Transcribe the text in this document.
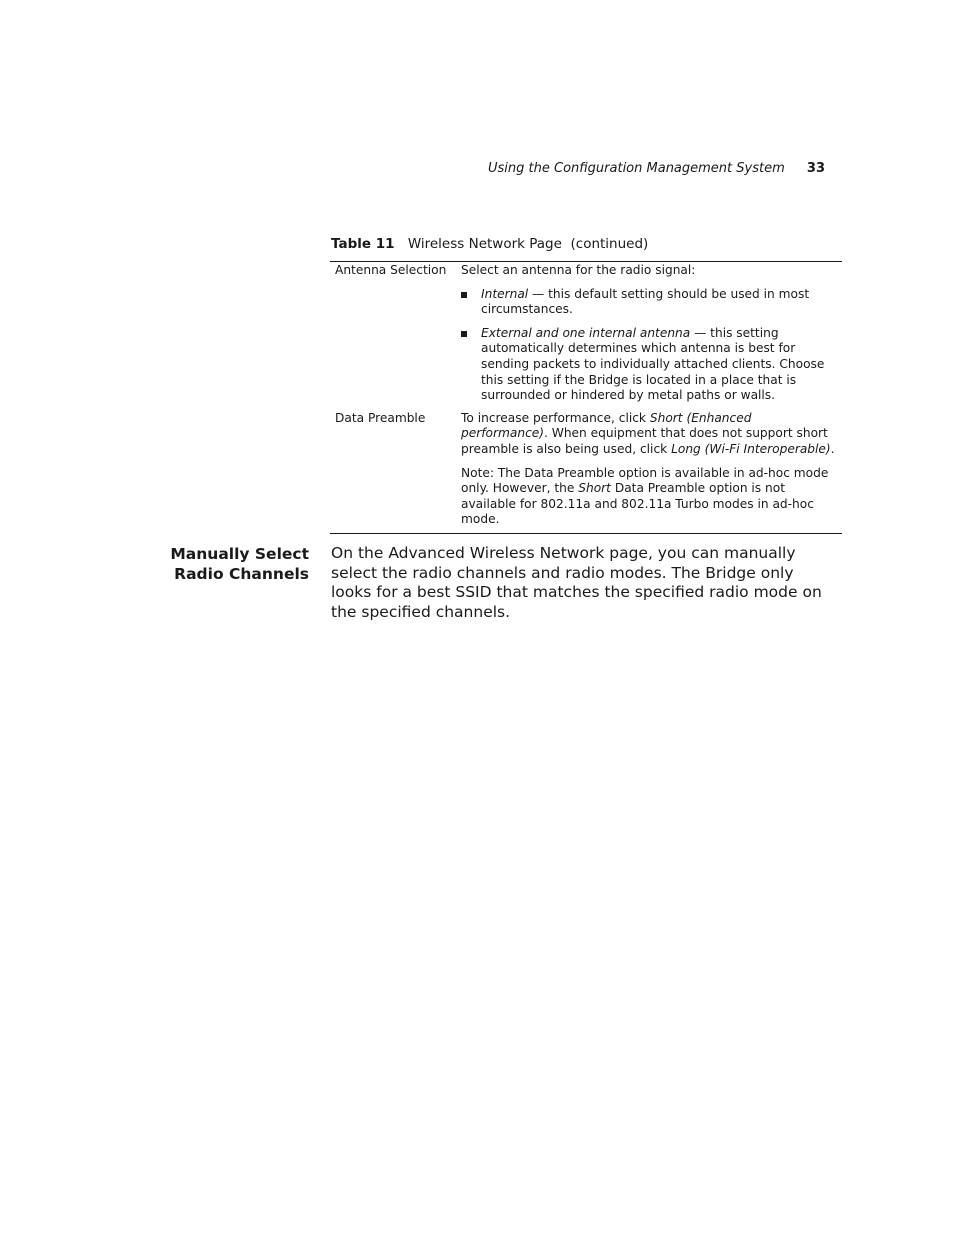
Using the Configuration Management System 33
Table 11 Wireless Network Page  (continued)
Antenna Selection	Select an antenna for the radio signal:

Internal — this default setting should be used in most circumstances.
External and one internal antenna — this setting automatically determines which antenna is best for sending packets to individually attached clients. Choose this setting if the Bridge is located in a place that is surrounded or hindered by metal paths or walls.
Data Preamble	To increase performance, click Short (Enhanced performance). When equipment that does not support short preamble is also being used, click Long (Wi-Fi Interoperable).

Note: The Data Preamble option is available in ad-hoc mode only. However, the Short Data Preamble option is not available for 802.11a and 802.11a Turbo modes in ad-hoc mode.

Manually Select
Radio Channels

On the Advanced Wireless Network page, you can manually select the radio channels and radio modes. The Bridge only looks for a best SSID that matches the specified radio mode on the specified channels.
